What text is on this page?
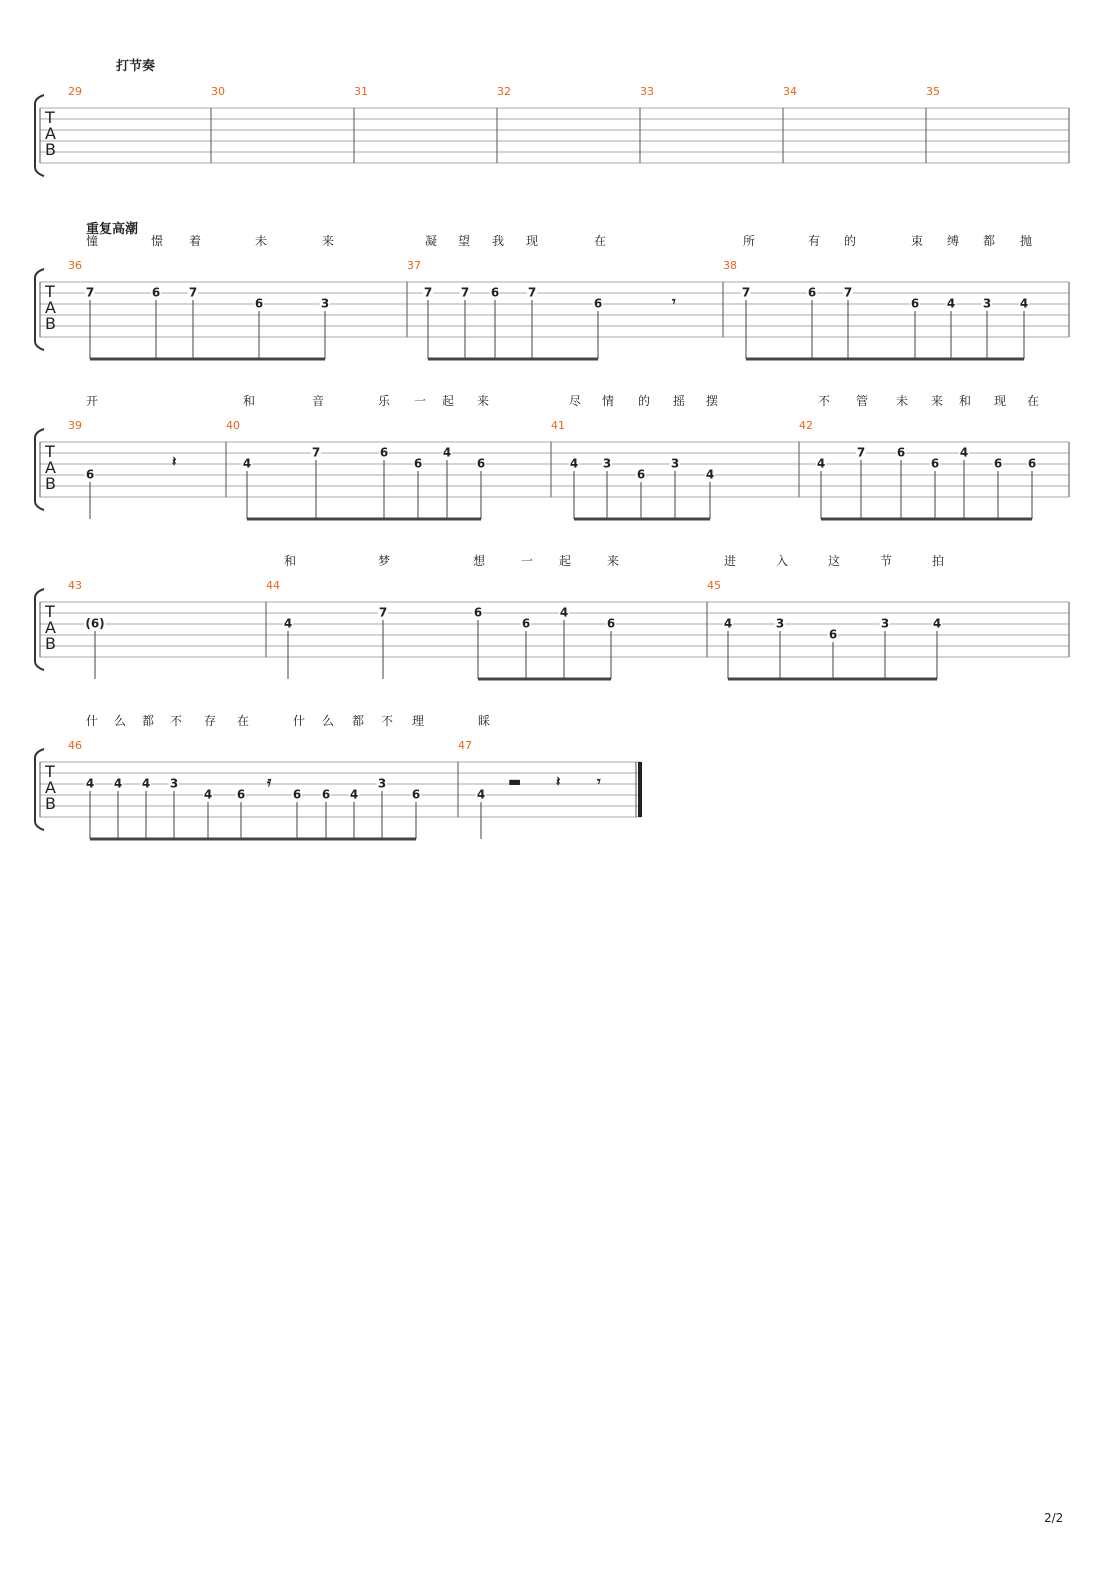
打节奏
重复高潮
T
A
B
29	30	31	32	33	34	35
T
A
B
36	37	38
憧	憬 着	未	来	凝 望 我 现	在	所	有 的	束 缚 都 抛
7	6 7
6	3
7 7 6 7
6
7	6 7
6 4 3 4
𝄾
T
A
B
39	40	41	42
开	和	音	乐 一 起 来	尽 情 的 摇 摆	不 管 未 来 和 现 在
6
4
7	6
6
4
6	4 3
6
3
4
4
7	6
6
4
6 6
𝄽
T
A
B
43	44	45
和	梦	想	一 起	来	进	入	这	节	拍
(6)	4
7	6
6
4
6	4	3
6
3	4
T
A
B
46	47
什 么 都 不 存 在	什 么 都 不 理	睬
4 4 4 3
4 6	6 6 4
3
6	4
𝄿	▬ 𝄽	𝄾
2/2
